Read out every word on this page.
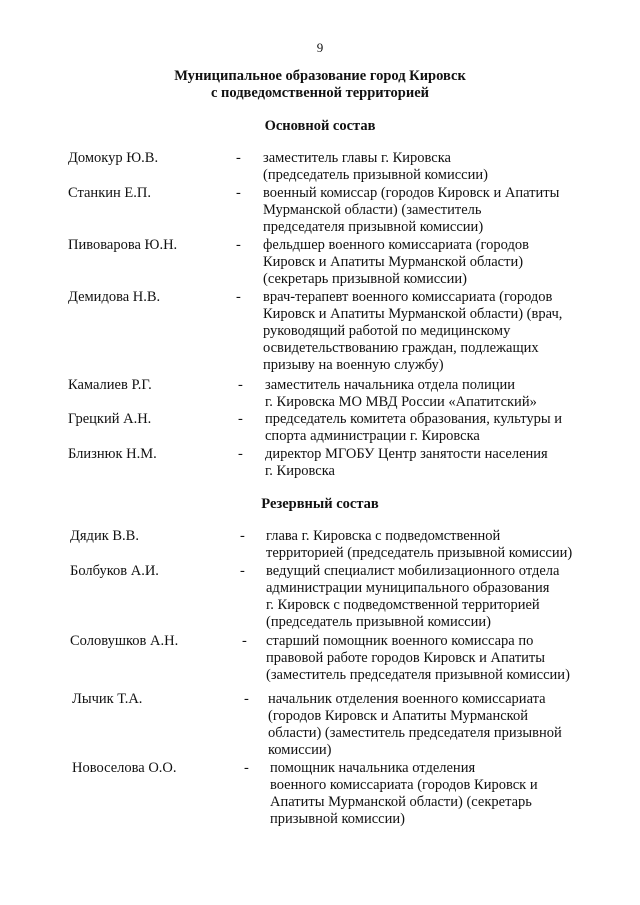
9
Муниципальное образование город Кировск
с подведомственной территорией
Основной состав
Домокур Ю.В.	- заместитель главы г. Кировска
(председатель призывной комиссии)
Станкин Е.П.	- военный комиссар (городов Кировск и Апатиты
Мурманской области) (заместитель
председателя призывной комиссии)
Пивоварова Ю.Н.	- фельдшер военного комиссариата (городов
Кировск и Апатиты Мурманской области)
(секретарь призывной комиссии)
Демидова Н.В.	- врач-терапевт военного комиссариата (городов
Кировск и Апатиты Мурманской области) (врач,
руководящий работой по медицинскому
освидетельствованию граждан, подлежащих
призыву на военную службу)
Камалиев Р.Г.	- заместитель начальника отдела полиции
г. Кировска МО МВД России «Апатитский»
Грецкий А.Н.	- председатель комитета образования, культуры и
спорта администрации г. Кировска
Близнюк Н.М.	- директор МГОБУ Центр занятости населения
г. Кировска
Резервный состав
Дядик В.В.	- глава г. Кировска с подведомственной
территорией (председатель призывной комиссии)
Болбуков А.И.	- ведущий специалист мобилизационного отдела
администрации муниципального образования
г. Кировск с подведомственной территорией
(председатель призывной комиссии)
Соловушков А.Н.	- старший помощник военного комиссара по
правовой работе городов Кировск и Апатиты
(заместитель председателя призывной комиссии)
Лычик Т.А.	- начальник отделения военного комиссариата
(городов Кировск и Апатиты Мурманской
области) (заместитель председателя призывной
комиссии)
Новоселова О.О.	- помощник начальника отделения
военного комиссариата (городов Кировск и
Апатиты Мурманской области) (секретарь
призывной комиссии)
